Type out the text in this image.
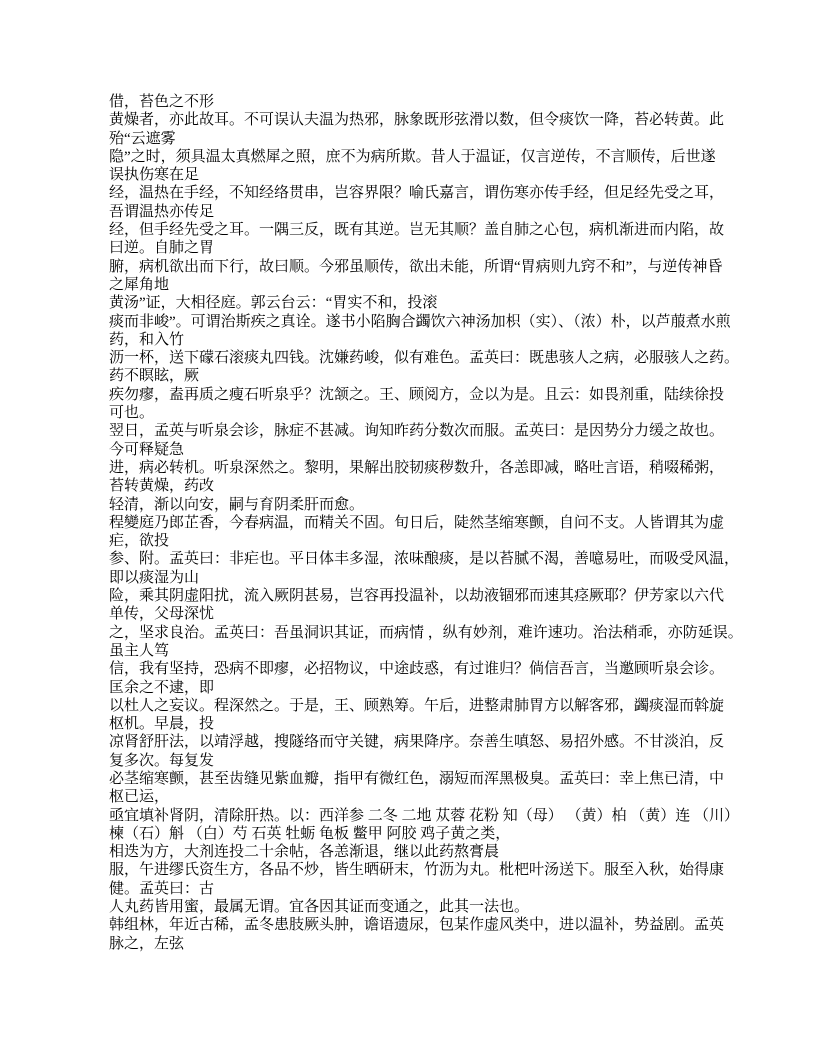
借，苔色之不形
黄燥者，亦此故耳。不可误认夫温为热邪，脉象既形弦滑以数，但令痰饮一降，苔必转黄。此
殆“云遮雾
隐”之时，须具温太真燃犀之照，庶不为病所欺。昔人于温证，仅言逆传，不言顺传，后世遂
误执伤寒在足
经，温热在手经，不知经络贯串，岂容界限？喻氏嘉言，谓伤寒亦传手经，但足经先受之耳，
吾谓温热亦传足
经，但手经先受之耳。一隅三反，既有其逆。岂无其顺？盖自肺之心包，病机渐进而内陷，故
曰逆。自肺之胃
腑，病机欲出而下行，故曰顺。今邪虽顺传，欲出未能，所谓“胃病则九窍不和”，与逆传神昏
之犀角地
黄汤”证，大相径庭。郭云台云：“胃实不和，投滚
痰而非峻”。可谓治斯疾之真诠。遂书小陷胸合蠲饮六神汤加枳（实）、（浓）朴，以芦菔煮水煎
药，和入竹
沥一杯，送下礞石滚痰丸四钱。沈嫌药峻，似有难色。孟英曰：既患骇人之病，必服骇人之药。
药不瞑眩，厥
疾勿瘳，盍再质之瘦石听泉乎？沈颔之。王、顾阅方，佥以为是。且云：如畏剂重，陆续徐投
可也。
翌日，孟英与听泉会诊，脉症不甚减。询知昨药分数次而服。孟英曰：是因势分力缓之故也。
今可释疑急
进，病必转机。听泉深然之。黎明，果解出胶韧痰秽数升，各恙即减，略吐言语，稍啜稀粥，
苔转黄燥，药改
轻清，渐以向安，嗣与育阴柔肝而愈。
程變庭乃郎芷香，今春病温，而精关不固。旬日后，陡然茎缩寒颤，自问不支。人皆谓其为虚
疟，欲投
参、附。孟英曰：非疟也。平日体丰多湿，浓味酿痰，是以苔腻不渴，善噫易吐，而吸受风温，
即以痰湿为山
险，乘其阴虚阳扰，流入厥阴甚易，岂容再投温补，以劫液锢邪而速其痉厥耶？伊芳家以六代
单传，父母深忧
之，坚求良治。孟英曰：吾虽洞识其证，而病情 ，纵有妙剂，难许速功。治法稍乖，亦防延误。
虽主人笃
信，我有坚持，恐病不即瘳，必招物议，中途歧惑，有过谁归？倘信吾言，当邀顾听泉会诊。
匡余之不逮，即
以杜人之妄议。程深然之。于是，王、顾熟筹。午后，进整肃肺胃方以解客邪，蠲痰湿而斡旋
枢机。早晨，投
凉肾舒肝法，以靖浮越，搜隧络而守关键，病果降序。奈善生嗔怒、易招外感。不甘淡泊，反
复多次。每复发
必茎缩寒颤，甚至齿缝见紫血瓣，指甲有微红色，溺短而浑黑极臭。孟英曰：幸上焦已清，中
枢已运，
亟宜填补肾阴，清除肝热。以：西洋参 二冬 二地 苁蓉 花粉 知（母） （黄）柏 （黄）连 （川）
楝（石）斛 （白）芍 石英 牡蛎 龟板 鳖甲 阿胶 鸡子黄之类，
相迭为方，大剂连投二十余帖，各恙渐退，继以此药熬膏晨
服，午进缪氏资生方，各品不炒，皆生晒研末，竹沥为丸。枇杷叶汤送下。服至入秋，始得康
健。孟英曰：古
人丸药皆用蜜，最属无谓。宜各因其证而变通之，此其一法也。
韩组林，年近古稀，孟冬患肢厥头肿，谵语遗尿，包某作虚风类中，进以温补，势益剧。孟英
脉之，左弦
